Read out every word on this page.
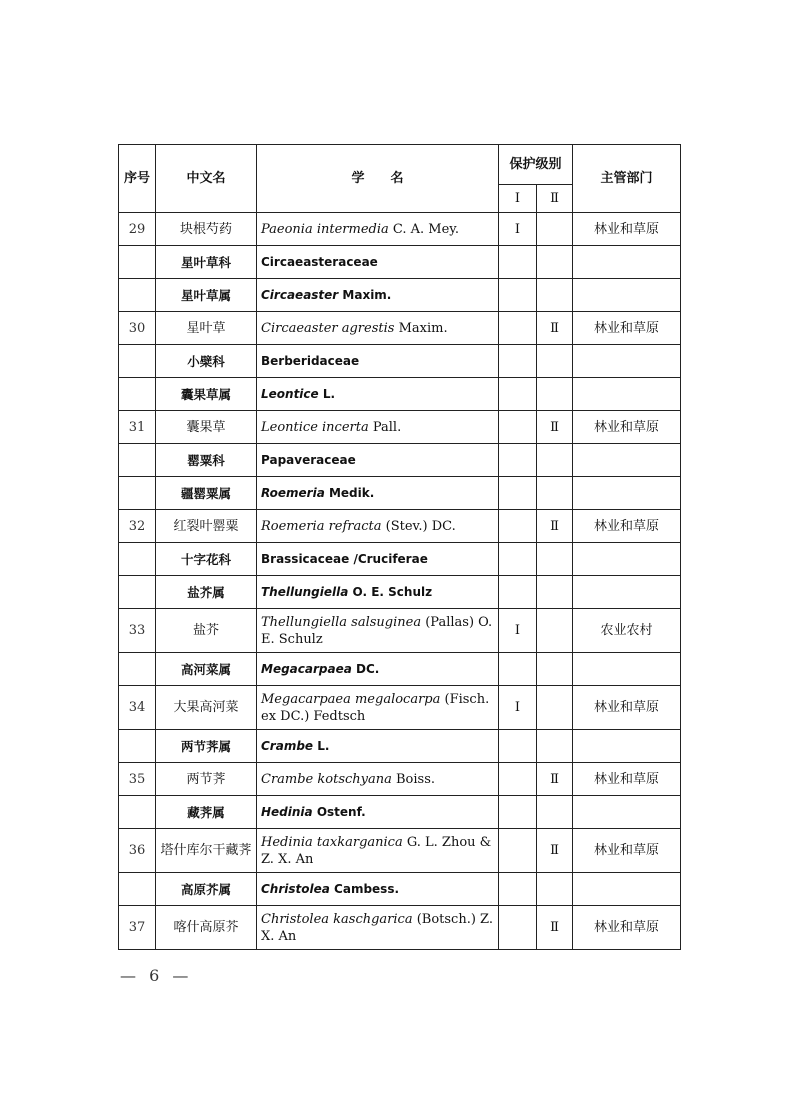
序号	中文名	学　　名	保护级别		主管部门
			Ⅰ	Ⅱ	
29	块根芍药	Paeonia intermedia C. A. Mey.	Ⅰ		林业和草原
	星叶草科	Circaeasteraceae			
	星叶草属	Circaeaster Maxim.			
30	星叶草	Circaeaster agrestis Maxim.		Ⅱ	林业和草原
	小檗科	Berberidaceae			
	囊果草属	Leontice L.			
31	囊果草	Leontice incerta Pall.		Ⅱ	林业和草原
	罂粟科	Papaveraceae			
	疆罂粟属	Roemeria Medik.			
32	红裂叶罂粟	Roemeria refracta (Stev.) DC.		Ⅱ	林业和草原
	十字花科	Brassicaceae /Cruciferae			
	盐芥属	Thellungiella O. E. Schulz			
33	盐芥	Thellungiella salsuginea (Pallas) O. E. Schulz	Ⅰ		农业农村
	高河菜属	Megacarpaea DC.			
34	大果高河菜	Megacarpaea megalocarpa (Fisch. ex DC.) Fedtsch	Ⅰ		林业和草原
	两节荠属	Crambe L.			
35	两节荠	Crambe kotschyana Boiss.		Ⅱ	林业和草原
	藏荠属	Hedinia Ostenf.			
36	塔什库尔干藏荠	Hedinia taxkarganica G. L. Zhou & Z. X. An		Ⅱ	林业和草原
	高原芥属	Christolea Cambess.			
37	喀什高原芥	Christolea kaschgarica (Botsch.) Z. X. An		Ⅱ	林业和草原
— 6 —
